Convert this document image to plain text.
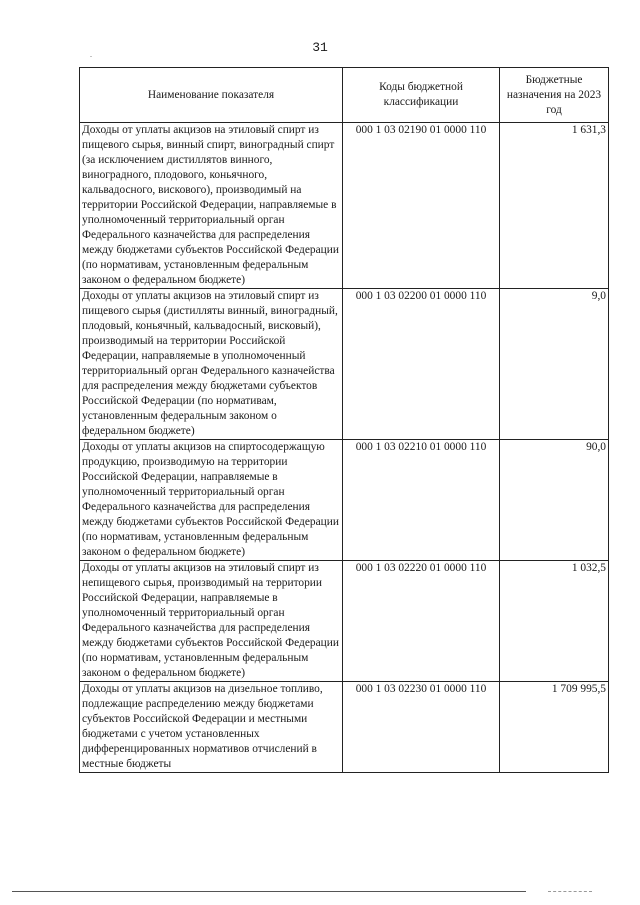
31
.
Наименование показателя	Коды бюджетной классификации	Бюджетные назначения на 2023 год
Доходы от уплаты акцизов на этиловый спирт из пищевого сырья, винный спирт, виноградный спирт (за исключением дистиллятов винного, виноградного, плодового, коньячного, кальвадосного, вискового), производимый на территории Российской Федерации, направляемые в уполномоченный территориальный орган Федерального казначейства для распределения между бюджетами субъектов Российской Федерации (по нормативам, установленным федеральным законом о федеральном бюджете)	000 1 03 02190 01 0000 110	1 631,3
Доходы от уплаты акцизов на этиловый спирт из пищевого сырья (дистилляты винный, виноградный, плодовый, коньячный, кальвадосный, висковый), производимый на территории Российской Федерации, направляемые в уполномоченный территориальный орган Федерального казначейства для распределения между бюджетами субъектов Российской Федерации (по нормативам, установленным федеральным законом о федеральном бюджете)	000 1 03 02200 01 0000 110	9,0
Доходы от уплаты акцизов на спиртосодержащую продукцию, производимую на территории Российской Федерации, направляемые в уполномоченный территориальный орган Федерального казначейства для распределения между бюджетами субъектов Российской Федерации (по нормативам, установленным федеральным законом о федеральном бюджете)	000 1 03 02210 01 0000 110	90,0
Доходы от уплаты акцизов на этиловый спирт из непищевого сырья, производимый на территории Российской Федерации, направляемые в уполномоченный территориальный орган Федерального казначейства для распределения между бюджетами субъектов Российской Федерации (по нормативам, установленным федеральным законом о федеральном бюджете)	000 1 03 02220 01 0000 110	1 032,5
Доходы от уплаты акцизов на дизельное топливо, подлежащие распределению между бюджетами субъектов Российской Федерации и местными бюджетами с учетом установленных дифференцированных нормативов отчислений в местные бюджеты	000 1 03 02230 01 0000 110	1 709 995,5
